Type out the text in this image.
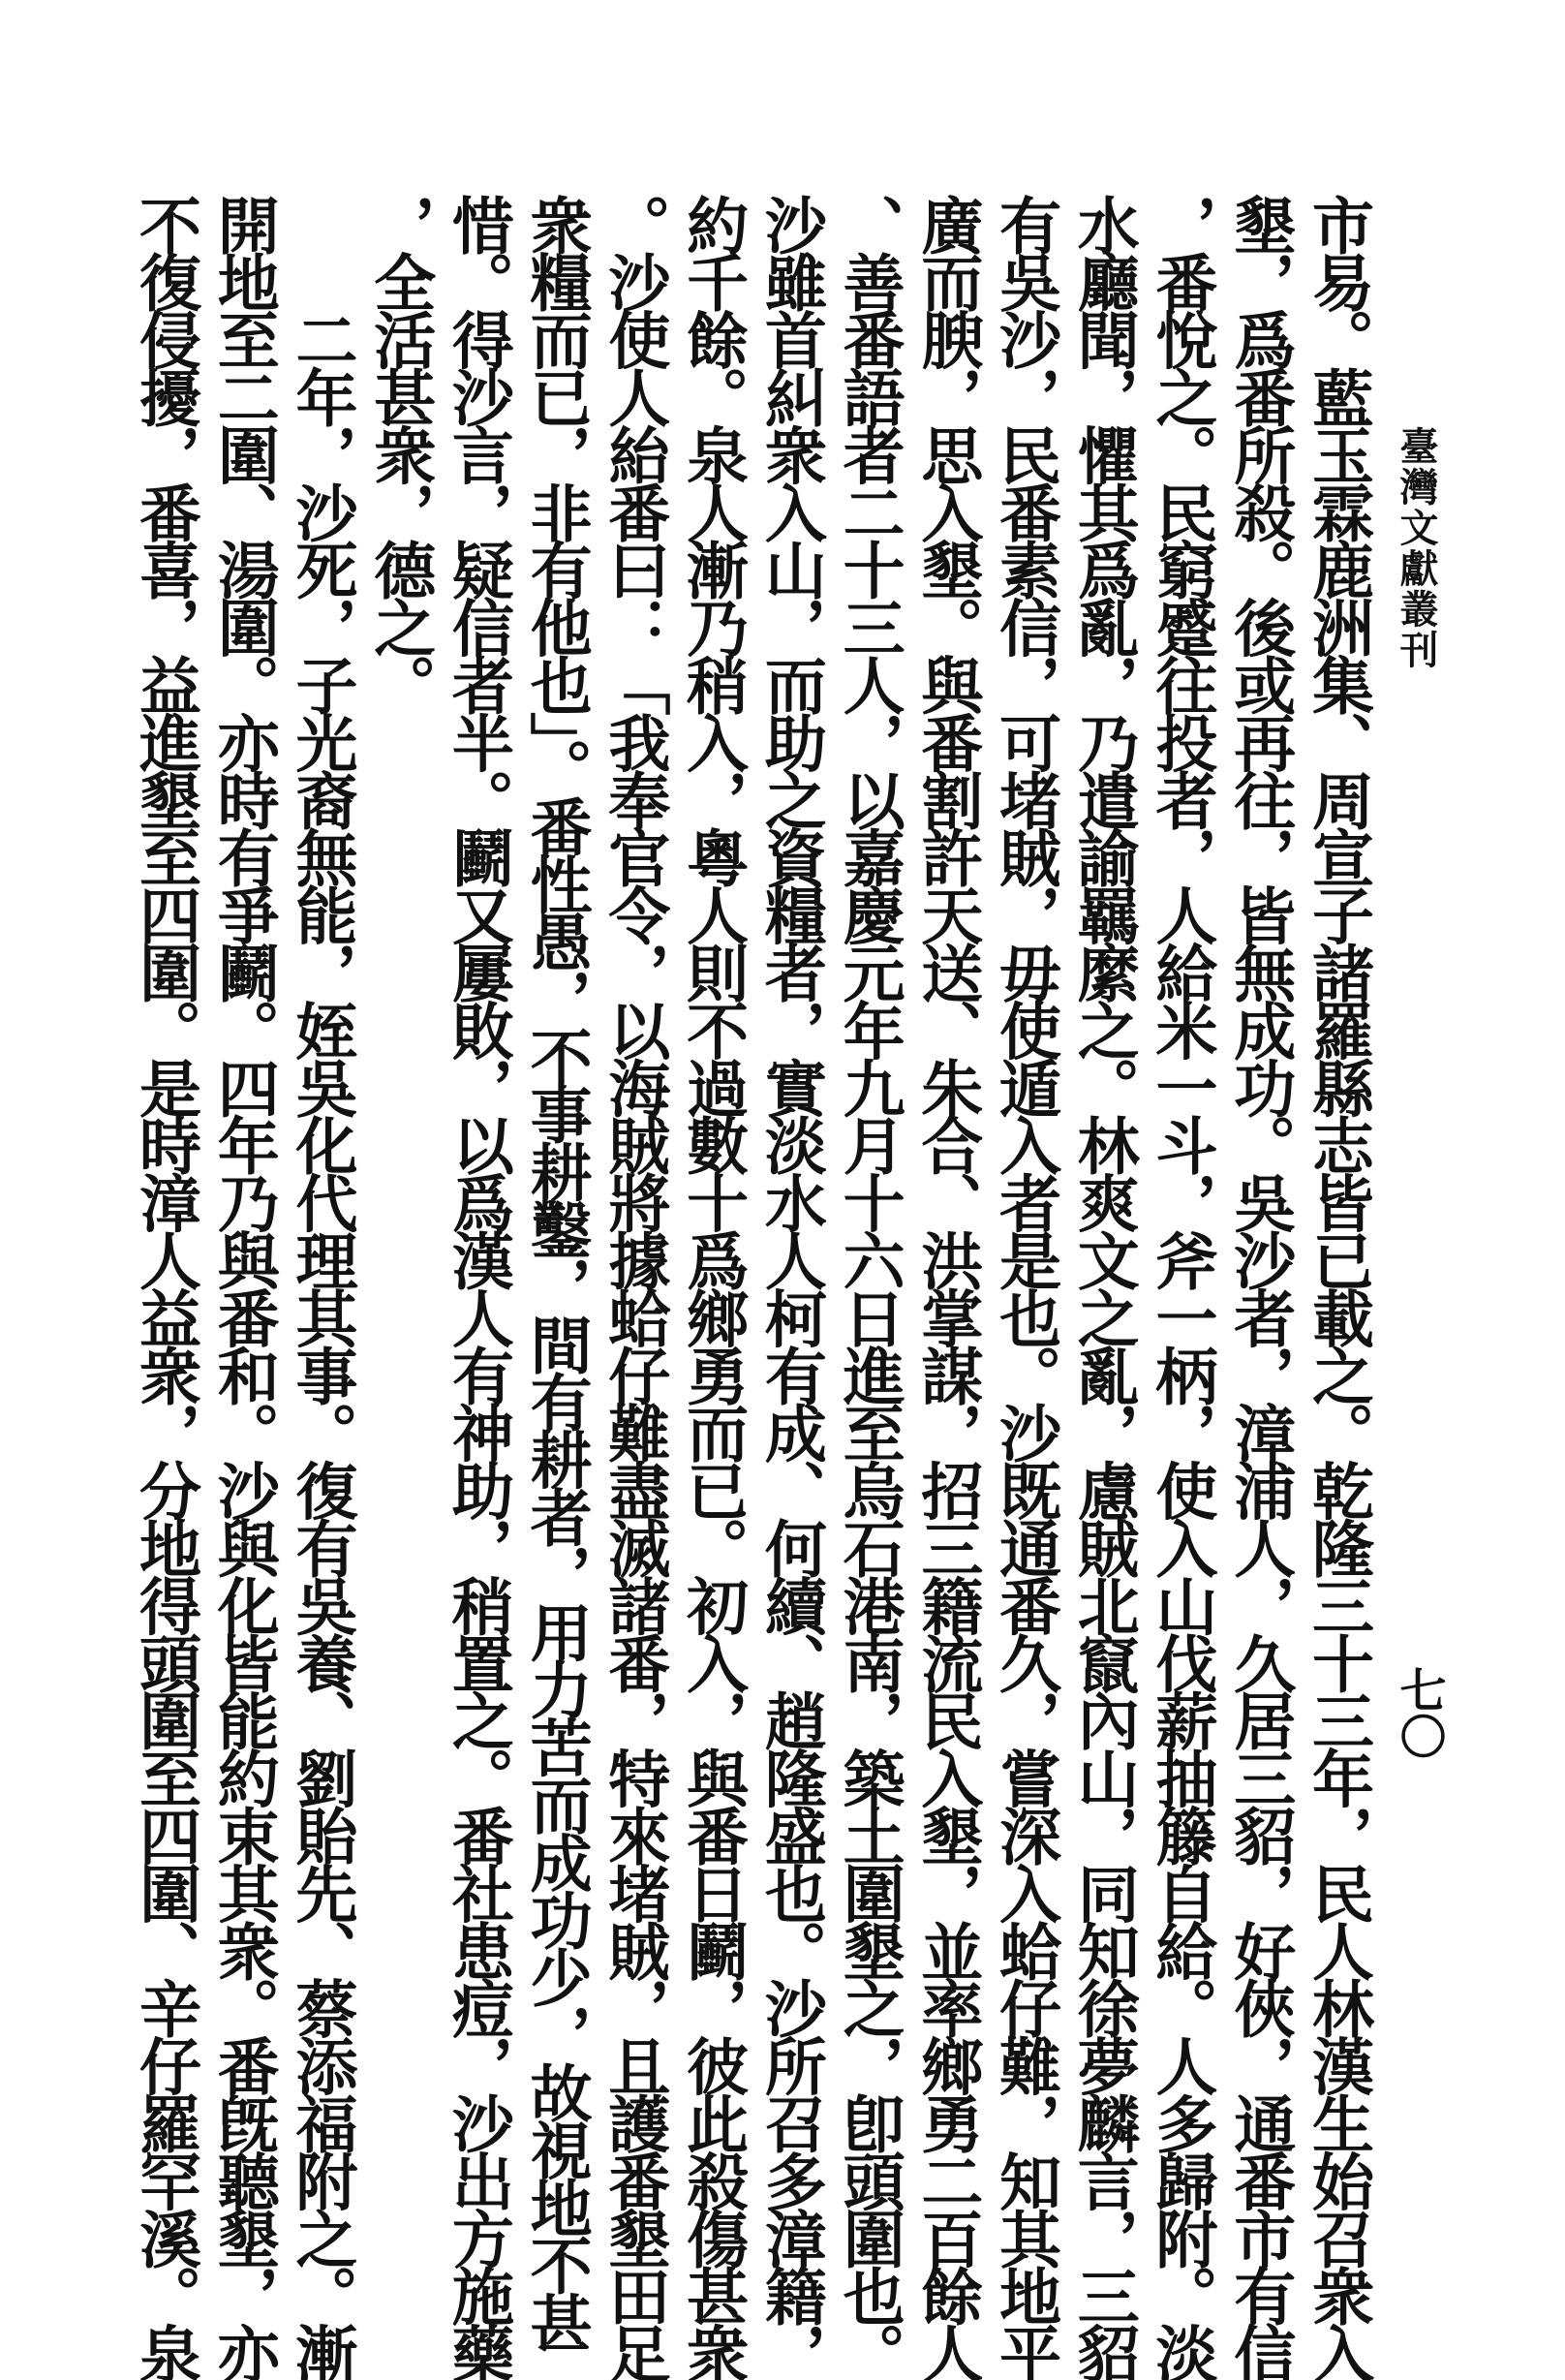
臺灣文獻叢刊
七〇
市易。藍玉霖鹿洲集、周宣子諸羅縣志皆已載之。乾隆三十三年，民人林漢生始召衆入
墾，爲番所殺。後或再往，皆無成功。吳沙者，漳浦人，久居三貂，好俠，通番市有信
，番悅之。民窮蹙往投者，人給米一斗，斧一柄，使入山伐薪抽籐自給。人多歸附。淡
水廳聞，懼其爲亂，乃遣諭羈縻之。林爽文之亂，慮賊北竄內山，同知徐夢麟言，三貂
有吳沙，民番素信，可堵賊，毋使遁入者是也。沙既通番久，嘗深入蛤仔難，知其地平
廣而腴，思入墾。與番割許天送、朱合、洪掌謀，招三籍流民入墾，並率鄉勇二百餘人
、善番語者二十三人，以嘉慶元年九月十六日進至烏石港南，築土圍墾之，卽頭圍也。
沙雖首糾衆入山，而助之資糧者，實淡水人柯有成、何續、趙隆盛也。沙所召多漳籍，
約千餘。泉人漸乃稍入，粵人則不過數十爲鄉勇而已。初入，與番日鬬，彼此殺傷甚衆
。沙使人紿番曰：「我奉官令，以海賊將據蛤仔難盡滅諸番，特來堵賊，且護番墾田足
衆糧而已，非有他也」。番性愚，不事耕鑿，間有耕者，用力苦而成功少，故視地不甚
惜。得沙言，疑信者半。鬬又屢敗，以爲漢人有神助，稍置之。番社患痘，沙出方施藥
，全活甚衆，德之。
　　二年，沙死，子光裔無能，姪吳化代理其事。復有吳養、劉貽先、蔡添福附之。漸
開地至二圍、湯圍。亦時有爭鬬。四年乃與番和。沙與化皆能約束其衆。番旣聽墾，亦
不復侵擾，番喜，益進墾至四圍。是時漳人益衆，分地得頭圍至四圍、辛仔羅罕溪。泉
